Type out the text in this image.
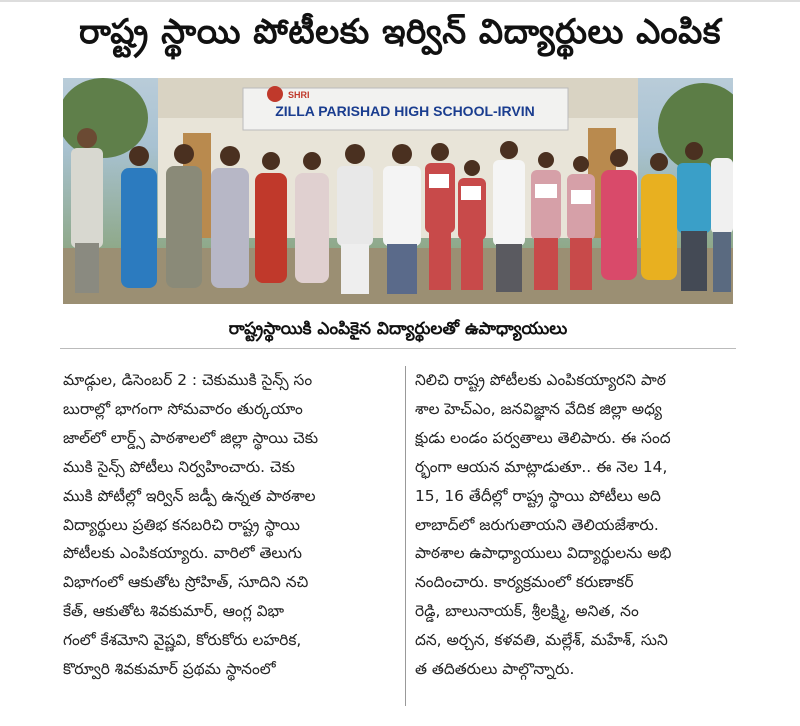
రాష్ట్ర స్థాయి పోటీలకు ఇర్విన్ విద్యార్థులు ఎంపిక
SHRI
ZILLA PARISHAD HIGH SCHOOL-IRVIN
రాష్ట్రస్థాయికి ఎంపికైన విద్యార్థులతో ఉపాధ్యాయులు

మాడ్గుల, డిసెంబర్ 2 : చెకుముకి సైన్స్ సం

బురాల్లో భాగంగా సోమవారం తుర్కయాం

జాల్‌లో లార్డ్స్ పాఠశాలలో జిల్లా స్థాయి చెకు

ముకి సైన్స్ పోటీలు నిర్వహించారు. చెకు

ముకి పోటీల్లో ఇర్విన్ జడ్పీ ఉన్నత పాఠశాల

విద్యార్థులు ప్రతిభ కనబరిచి రాష్ట్ర స్థాయి

పోటీలకు ఎంపికయ్యారు. వారిలో తెలుగు

విభాగంలో ఆకుతోట స్రోహిత్, సూదిని నచి

కేత్, ఆకుతోట శివకుమార్, ఆంగ్ల విభా

గంలో కేశమోని వైష్ణవి, కోరుకోరు లహరిక,

కొర్వూరి శివకుమార్ ప్రథమ స్థానంలో

నిలిచి రాష్ట్ర పోటీలకు ఎంపికయ్యారని పాఠ

శాల హెచ్ఎం, జనవిజ్ఞాన వేదిక జిల్లా అధ్య

క్షుడు లండం పర్వతాలు తెలిపారు. ఈ సంద

ర్భంగా ఆయన మాట్లాడుతూ.. ఈ నెల 14,

15, 16 తేదీల్లో రాష్ట్ర స్థాయి పోటీలు అది

లాబాద్‌లో జరుగుతాయని తెలియజేశారు.

పాఠశాల ఉపాధ్యాయులు విద్యార్థులను అభి

నందించారు. కార్యక్రమంలో కరుణాకర్

రెడ్డి, బాలునాయక్, శ్రీలక్ష్మి, అనిత, నం

దన, అర్చన, కళవతి, మల్లేశ్, మహేశ్, సుని

త తదితరులు పాల్గొన్నారు.
